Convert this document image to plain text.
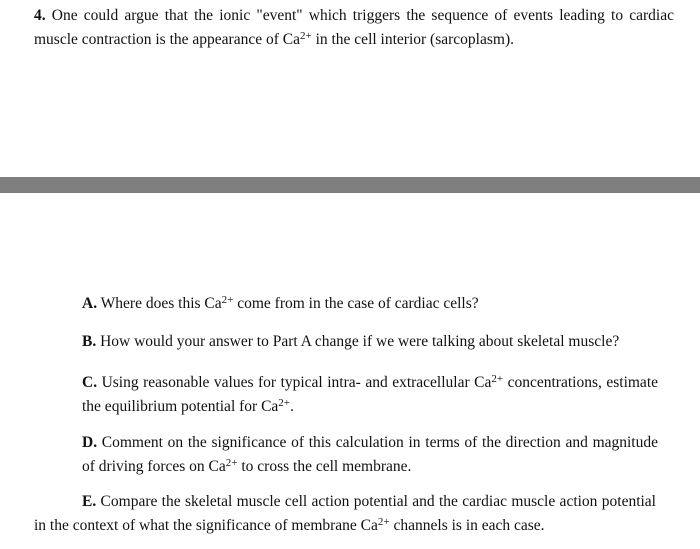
4. One could argue that the ionic "event" which triggers the sequence of events leading to cardiac muscle contraction is the appearance of $Ca^{2+}$ in the cell interior (sarcoplasm).

A. Where does this $Ca^{2+}$ come from in the case of cardiac cells?

B. How would your answer to Part A change if we were talking about skeletal muscle?

C. Using reasonable values for typical intra- and extracellular $Ca^{2+}$ concentrations, estimate the equilibrium potential for $Ca^{2+}$.

D. Comment on the significance of this calculation in terms of the direction and magnitude of driving forces on $Ca^{2+}$ to cross the cell membrane.

E. Compare the skeletal muscle cell action potential and the cardiac muscle action potential in the context of what the significance of membrane $Ca^{2+}$ channels is in each case.
